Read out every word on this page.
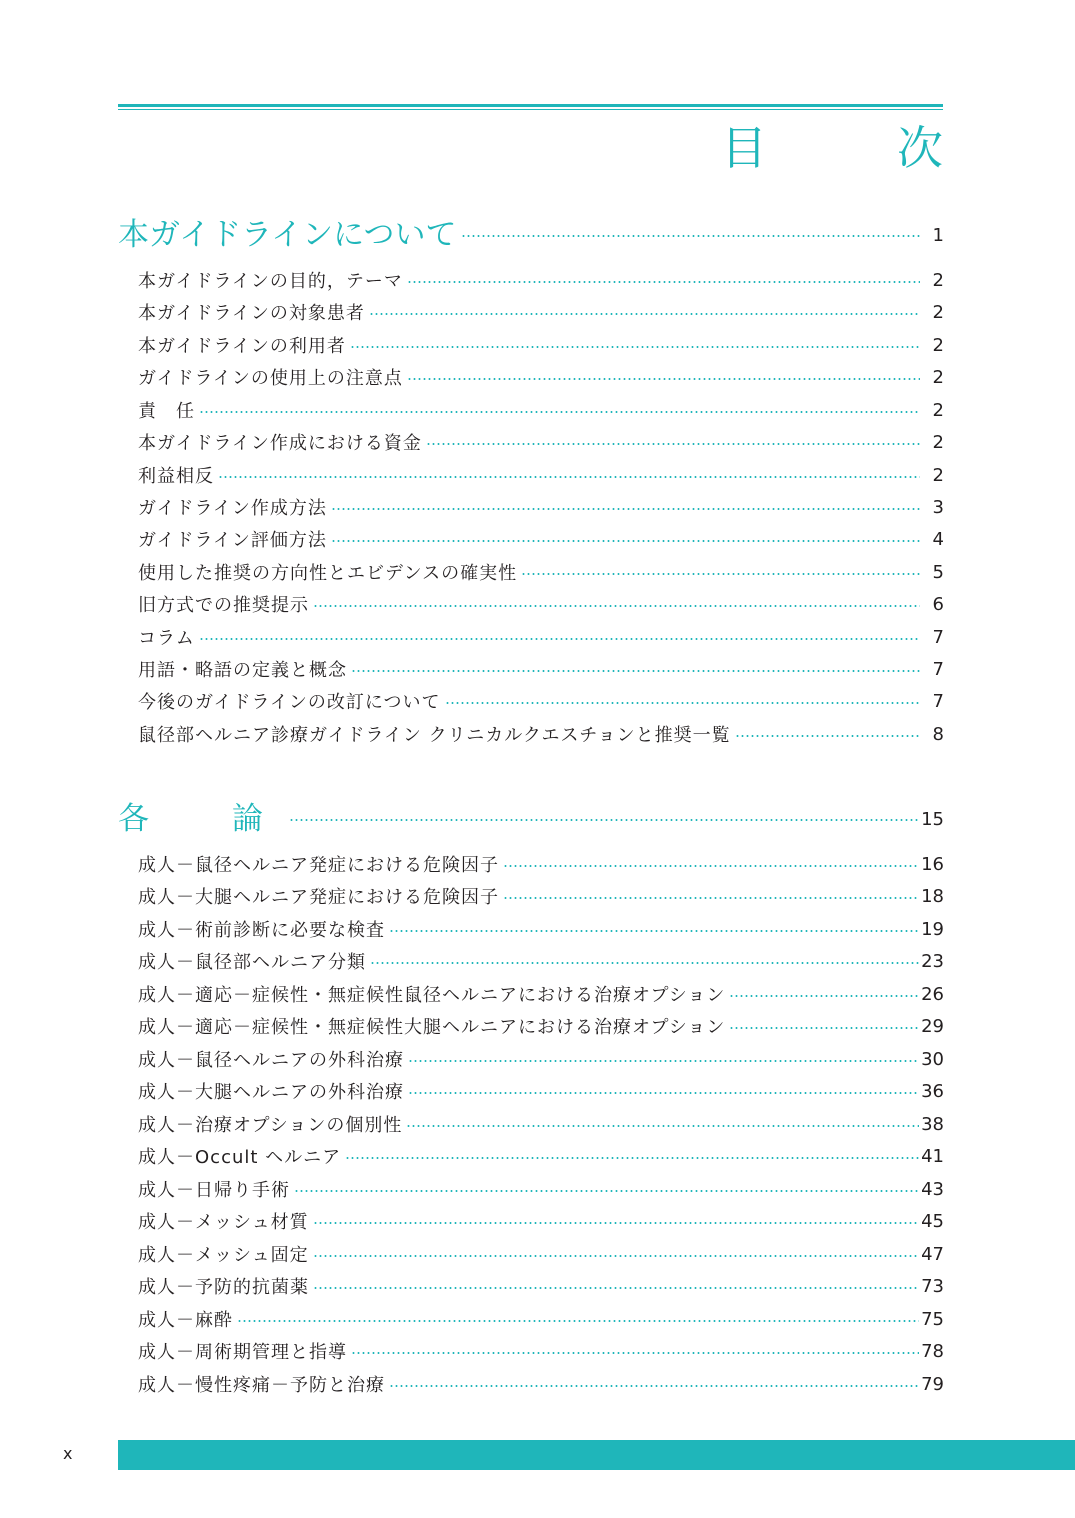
目　次
本ガイドラインについて	1
本ガイドラインの目的，テーマ	2
本ガイドラインの対象患者	2
本ガイドラインの利用者	2
ガイドラインの使用上の注意点	2
責　任	2
本ガイドライン作成における資金	2
利益相反	2
ガイドライン作成方法	3
ガイドライン評価方法	4
使用した推奨の方向性とエビデンスの確実性	5
旧方式での推奨提示	6
コラム	7
用語・略語の定義と概念	7
今後のガイドラインの改訂について	7
鼠径部ヘルニア診療ガイドライン クリニカルクエスチョンと推奨一覧	8
各　論	15
成人－鼠径ヘルニア発症における危険因子	16
成人－大腿ヘルニア発症における危険因子	18
成人－術前診断に必要な検査	19
成人－鼠径部ヘルニア分類	23
成人－適応－症候性・無症候性鼠径ヘルニアにおける治療オプション	26
成人－適応－症候性・無症候性大腿ヘルニアにおける治療オプション	29
成人－鼠径ヘルニアの外科治療	30
成人－大腿ヘルニアの外科治療	36
成人－治療オプションの個別性	38
成人－Occult ヘルニア	41
成人－日帰り手術	43
成人－メッシュ材質	45
成人－メッシュ固定	47
成人－予防的抗菌薬	73
成人－麻酔	75
成人－周術期管理と指導	78
成人－慢性疼痛－予防と治療	79
x
